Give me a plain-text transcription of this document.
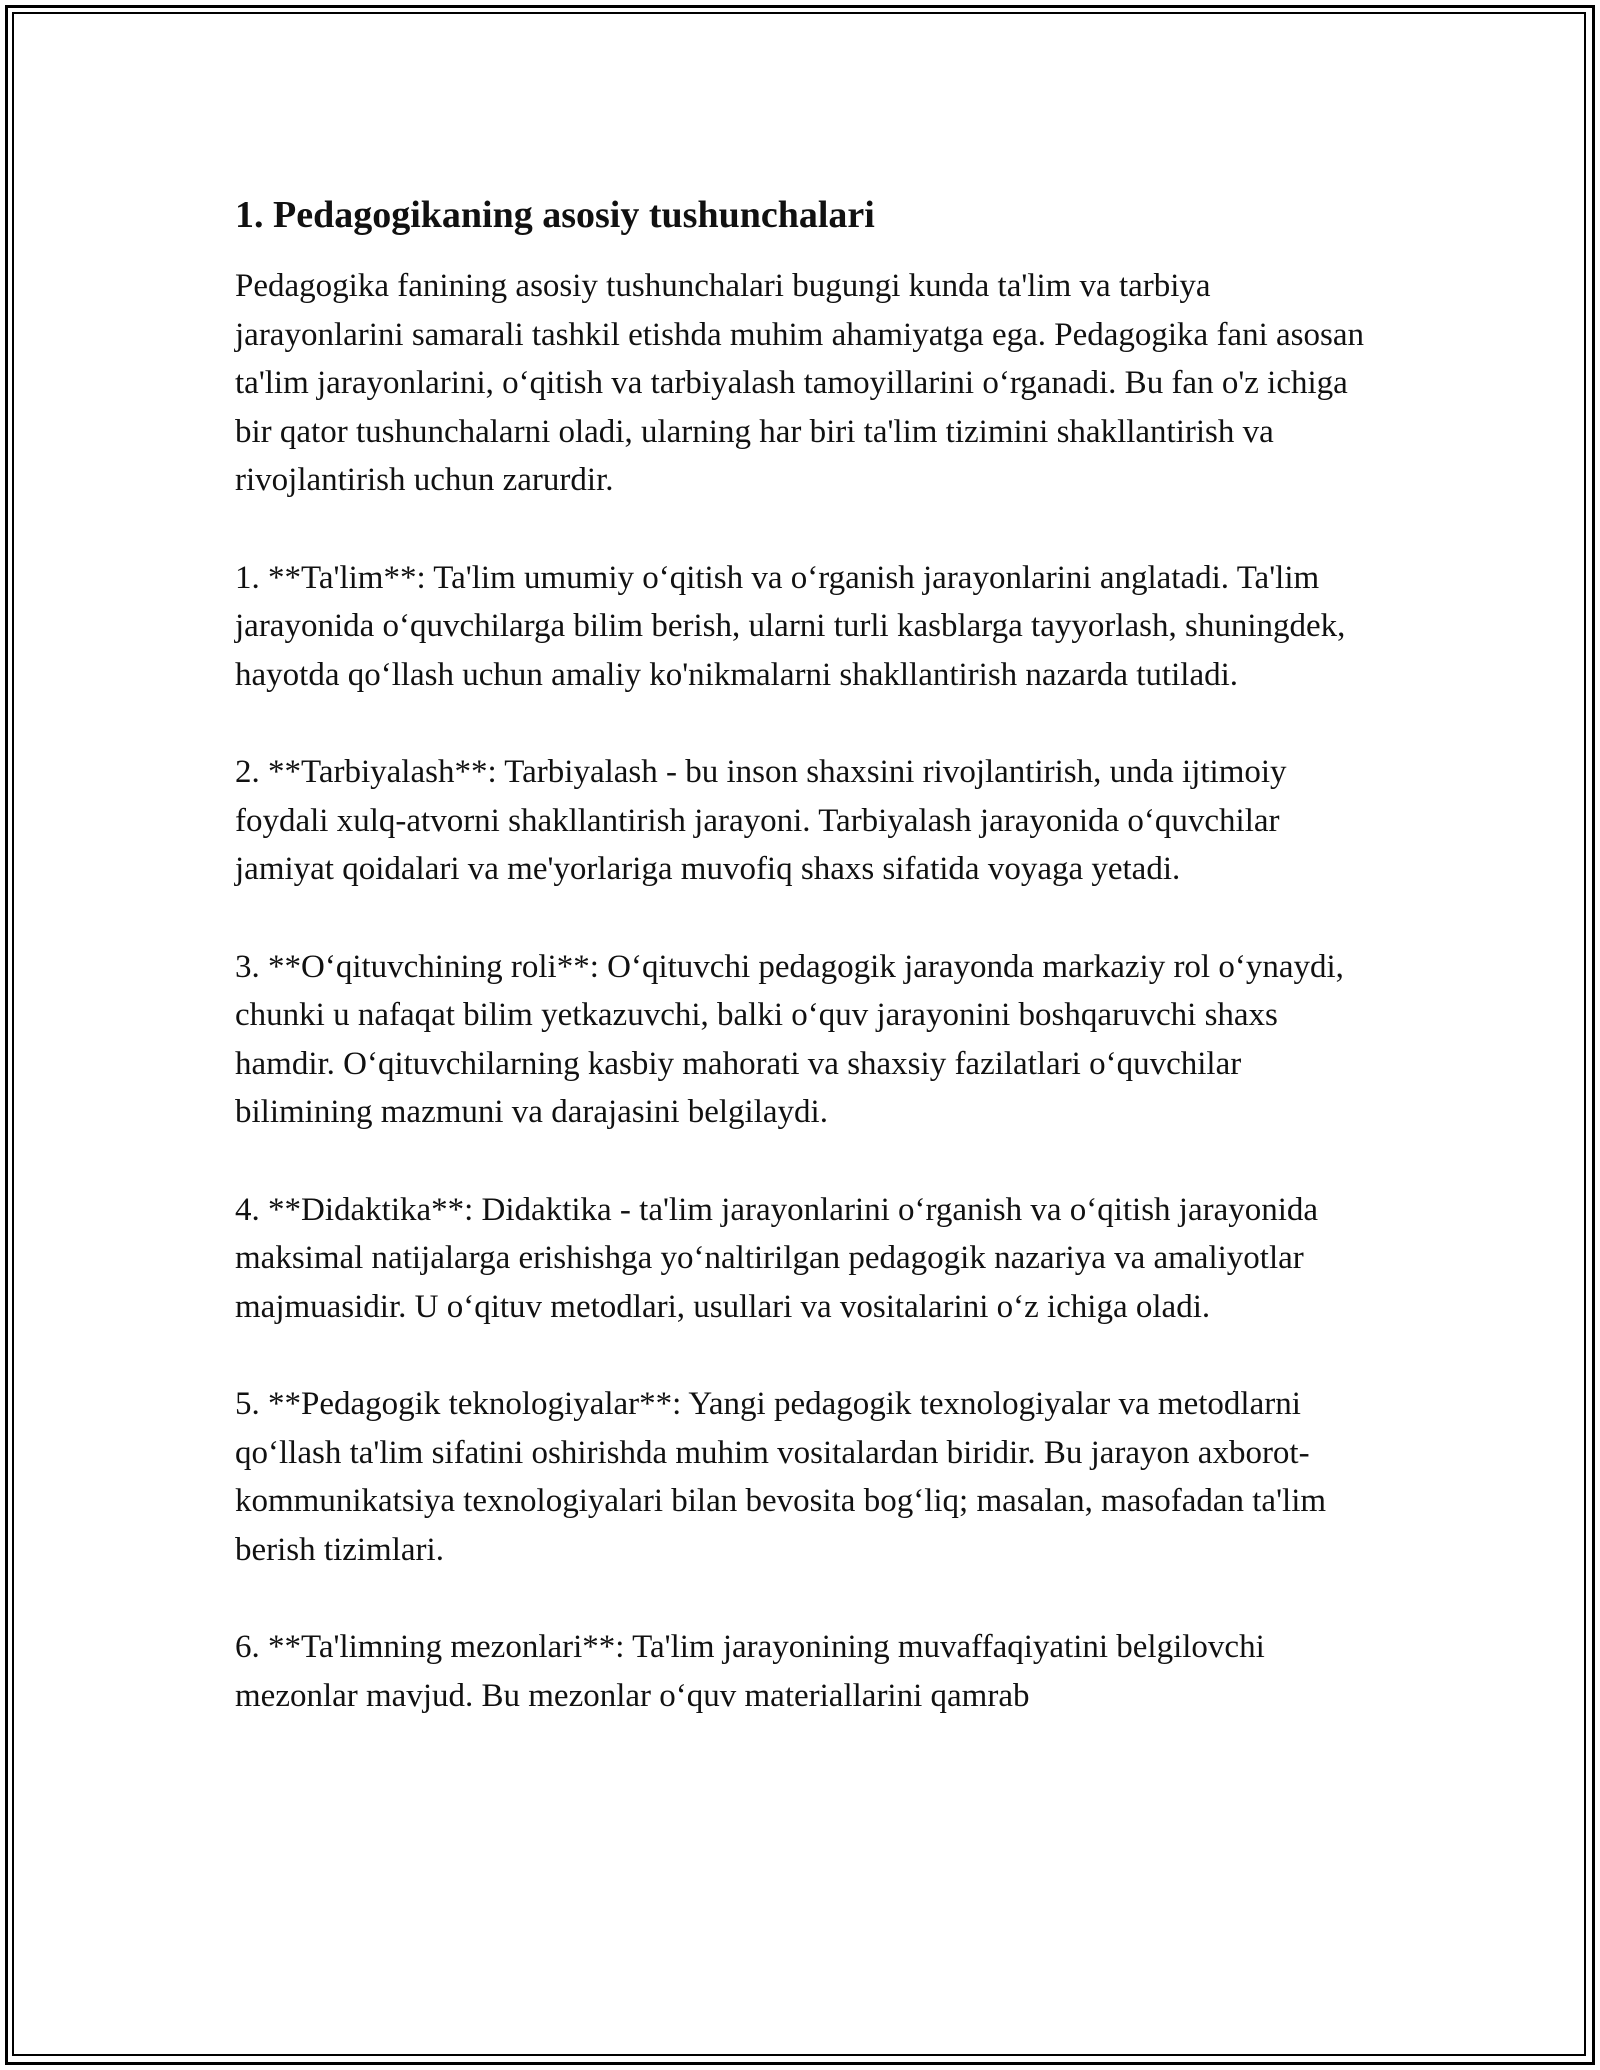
1. Pedagogikaning asosiy tushunchalari

Pedagogika fanining asosiy tushunchalari bugungi kunda ta'lim va tarbiya jarayonlarini samarali tashkil etishda muhim ahamiyatga ega. Pedagogika fani asosan ta'lim jarayonlarini, o‘qitish va tarbiyalash tamoyillarini o‘rganadi. Bu fan o'z ichiga bir qator tushunchalarni oladi, ularning har biri ta'lim tizimini shakllantirish va rivojlantirish uchun zarurdir.

1. **Ta'lim**: Ta'lim umumiy o‘qitish va o‘rganish jarayonlarini anglatadi. Ta'lim jarayonida o‘quvchilarga bilim berish, ularni turli kasblarga tayyorlash, shuningdek, hayotda qo‘llash uchun amaliy ko'nikmalarni shakllantirish nazarda tutiladi.

2. **Tarbiyalash**: Tarbiyalash - bu inson shaxsini rivojlantirish, unda ijtimoiy foydali xulq-atvorni shakllantirish jarayoni. Tarbiyalash jarayonida o‘quvchilar jamiyat qoidalari va me'yorlariga muvofiq shaxs sifatida voyaga yetadi.

3. **O‘qituvchining roli**: O‘qituvchi pedagogik jarayonda markaziy rol o‘ynaydi, chunki u nafaqat bilim yetkazuvchi, balki o‘quv jarayonini boshqaruvchi shaxs hamdir. O‘qituvchilarning kasbiy mahorati va shaxsiy fazilatlari o‘quvchilar bilimining mazmuni va darajasini belgilaydi.

4. **Didaktika**: Didaktika - ta'lim jarayonlarini o‘rganish va o‘qitish jarayonida maksimal natijalarga erishishga yo‘naltirilgan pedagogik nazariya va amaliyotlar majmuasidir. U o‘qituv metodlari, usullari va vositalarini o‘z ichiga oladi.

5. **Pedagogik teknologiyalar**: Yangi pedagogik texnologiyalar va metodlarni qo‘llash ta'lim sifatini oshirishda muhim vositalardan biridir. Bu jarayon axborot-kommunikatsiya texnologiyalari bilan bevosita bog‘liq; masalan, masofadan ta'lim berish tizimlari.

6. **Ta'limning mezonlari**: Ta'lim jarayonining muvaffaqiyatini belgilovchi mezonlar mavjud. Bu mezonlar o‘quv materiallarini qamrab
